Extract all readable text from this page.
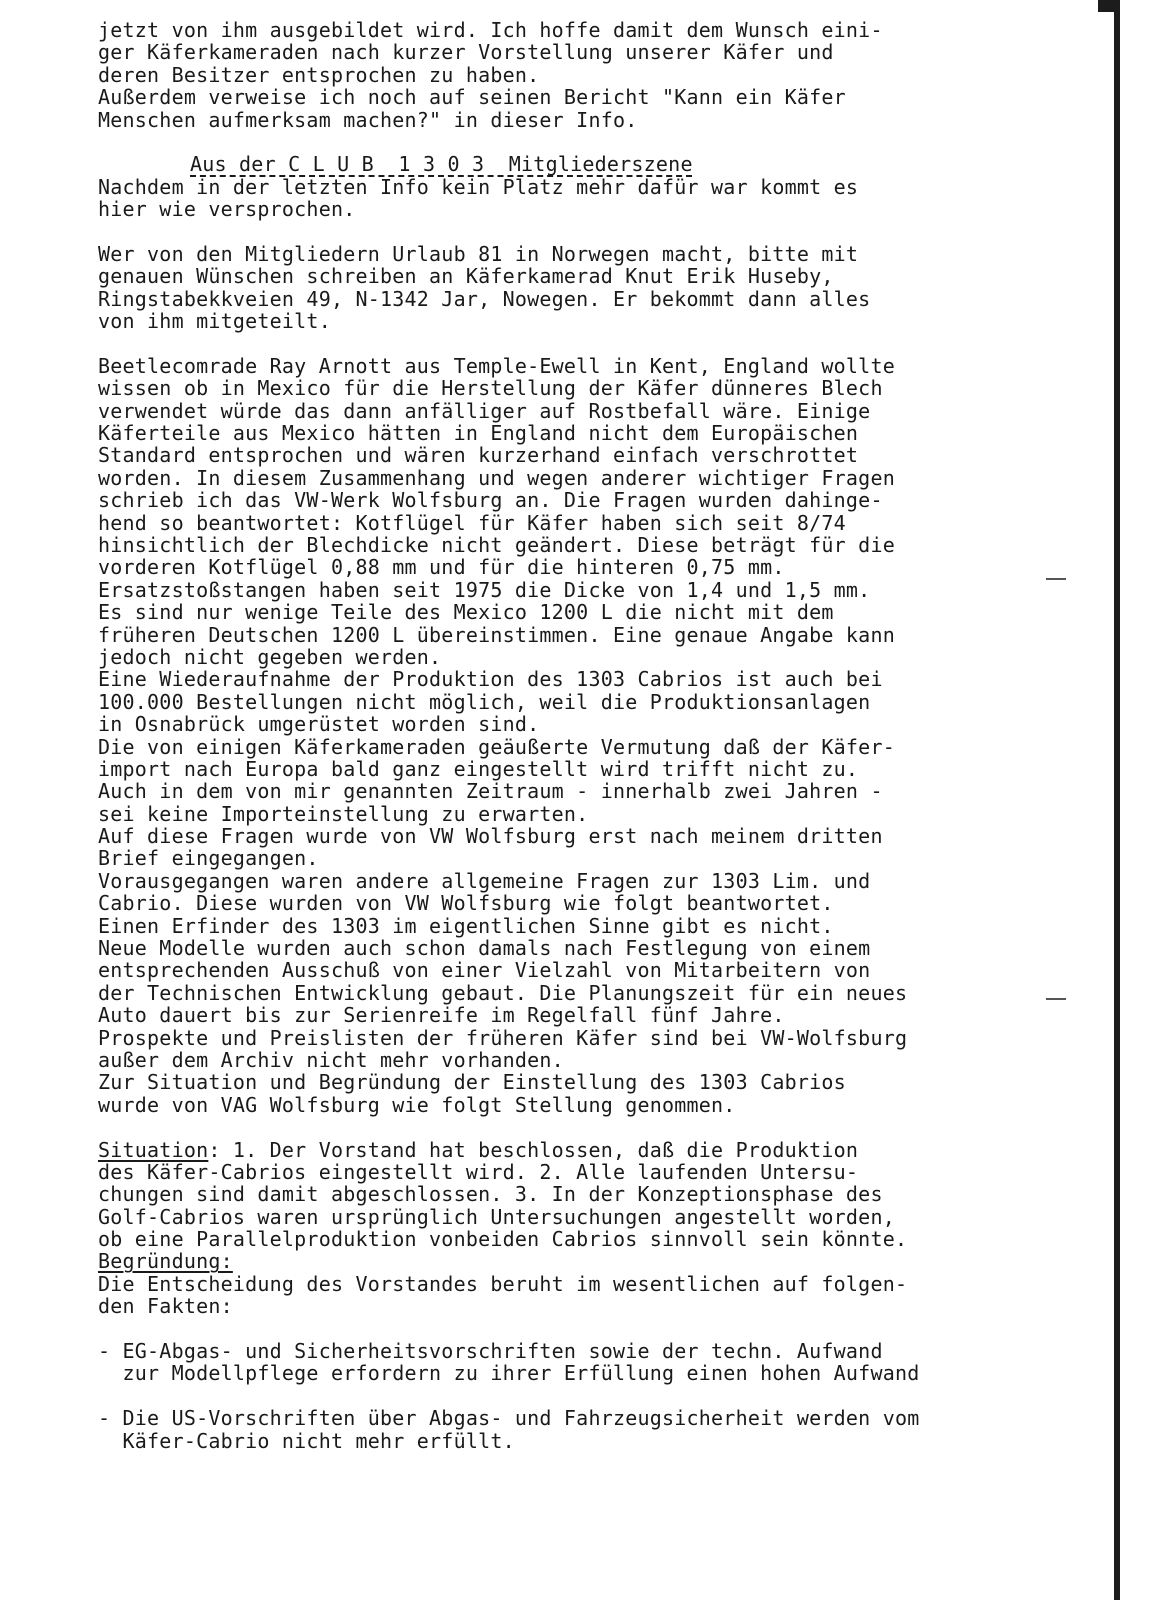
jetzt von ihm ausgebildet wird. Ich hoffe damit dem Wunsch eini-
ger Käferkameraden nach kurzer Vorstellung unserer Käfer und
deren Besitzer entsprochen zu haben.
Außerdem verweise ich noch auf seinen Bericht "Kann ein Käfer
Menschen aufmerksam machen?" in dieser Info.
Aus der C L U B  1 3 0 3  Mitgliederszene
Nachdem in der letzten Info kein Platz mehr dafür war kommt es
hier wie versprochen.
Wer von den Mitgliedern Urlaub 81 in Norwegen macht, bitte mit
genauen Wünschen schreiben an Käferkamerad Knut Erik Huseby,
Ringstabekkveien 49, N-1342 Jar, Nowegen. Er bekommt dann alles
von ihm mitgeteilt.
Beetlecomrade Ray Arnott aus Temple-Ewell in Kent, England wollte
wissen ob in Mexico für die Herstellung der Käfer dünneres Blech
verwendet würde das dann anfälliger auf Rostbefall wäre. Einige
Käferteile aus Mexico hätten in England nicht dem Europäischen
Standard entsprochen und wären kurzerhand einfach verschrottet
worden. In diesem Zusammenhang und wegen anderer wichtiger Fragen
schrieb ich das VW-Werk Wolfsburg an. Die Fragen wurden dahinge-
hend so beantwortet: Kotflügel für Käfer haben sich seit 8/74
hinsichtlich der Blechdicke nicht geändert. Diese beträgt für die
vorderen Kotflügel 0,88 mm und für die hinteren 0,75 mm.
Ersatzstoßstangen haben seit 1975 die Dicke von 1,4 und 1,5 mm.
Es sind nur wenige Teile des Mexico 1200 L die nicht mit dem
früheren Deutschen 1200 L übereinstimmen. Eine genaue Angabe kann
jedoch nicht gegeben werden.
Eine Wiederaufnahme der Produktion des 1303 Cabrios ist auch bei
100.000 Bestellungen nicht möglich, weil die Produktionsanlagen
in Osnabrück umgerüstet worden sind.
Die von einigen Käferkameraden geäußerte Vermutung daß der Käfer-
import nach Europa bald ganz eingestellt wird trifft nicht zu.
Auch in dem von mir genannten Zeitraum - innerhalb zwei Jahren -
sei keine Importeinstellung zu erwarten.
Auf diese Fragen wurde von VW Wolfsburg erst nach meinem dritten
Brief eingegangen.
Vorausgegangen waren andere allgemeine Fragen zur 1303 Lim. und
Cabrio. Diese wurden von VW Wolfsburg wie folgt beantwortet.
Einen Erfinder des 1303 im eigentlichen Sinne gibt es nicht.
Neue Modelle wurden auch schon damals nach Festlegung von einem
entsprechenden Ausschuß von einer Vielzahl von Mitarbeitern von
der Technischen Entwicklung gebaut. Die Planungszeit für ein neues
Auto dauert bis zur Serienreife im Regelfall fünf Jahre.
Prospekte und Preislisten der früheren Käfer sind bei VW-Wolfsburg
außer dem Archiv nicht mehr vorhanden.
Zur Situation und Begründung der Einstellung des 1303 Cabrios
wurde von VAG Wolfsburg wie folgt Stellung genommen.
Situation: 1. Der Vorstand hat beschlossen, daß die Produktion
des Käfer-Cabrios eingestellt wird. 2. Alle laufenden Untersu-
chungen sind damit abgeschlossen. 3. In der Konzeptionsphase des
Golf-Cabrios waren ursprünglich Untersuchungen angestellt worden,
ob eine Parallelproduktion vonbeiden Cabrios sinnvoll sein könnte.
Begründung:
Die Entscheidung des Vorstandes beruht im wesentlichen auf folgen-
den Fakten:
- EG-Abgas- und Sicherheitsvorschriften sowie der techn. Aufwand
zur Modellpflege erfordern zu ihrer Erfüllung einen hohen Aufwand
- Die US-Vorschriften über Abgas- und Fahrzeugsicherheit werden vom
Käfer-Cabrio nicht mehr erfüllt.
